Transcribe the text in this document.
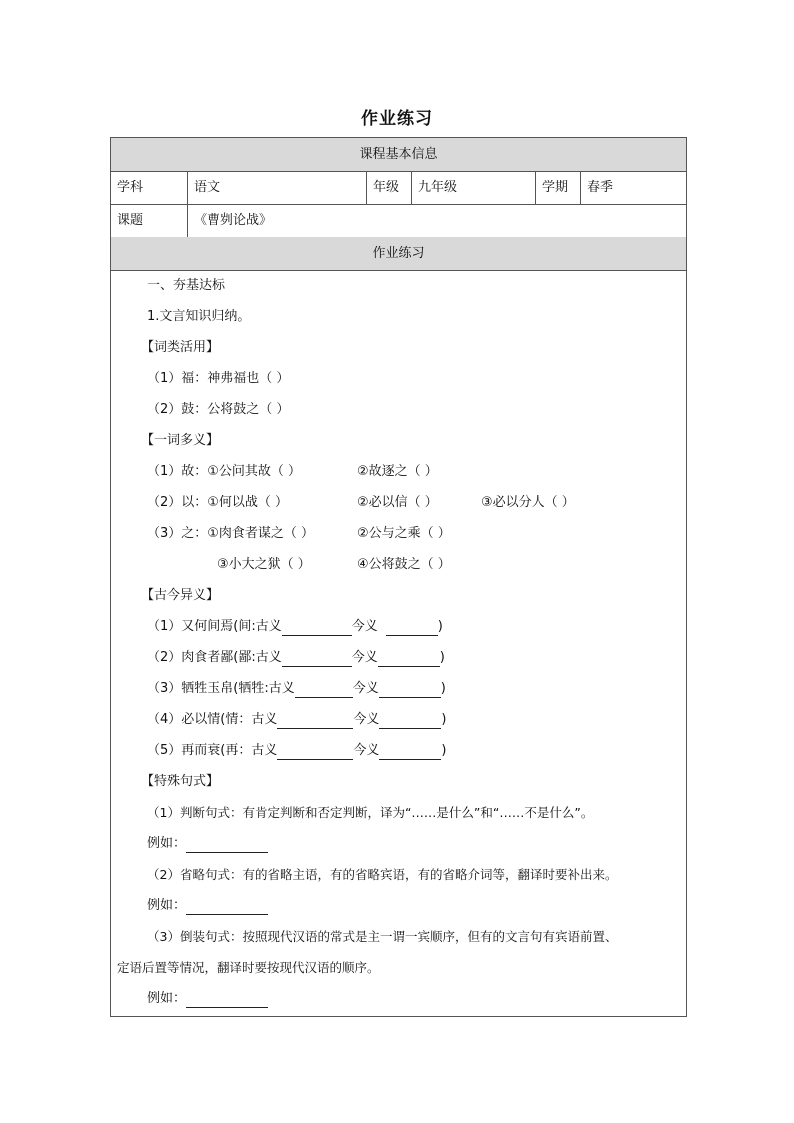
作业练习
课程基本信息
学科	语文	年级	九年级	学期	春季
课题	《曹刿论战》
作业练习
一、夯基达标
1.文言知识归纳。
【词类活用】
（1）福：神弗福也（ ）
（2）鼓：公将鼓之（ ）
【一词多义】
（1）故：①公问其故（ ）	②故逐之（ ）
（2）以：①何以战（ ）	②必以信（ ）	③必以分人（ ）
（3）之：①肉食者谋之（ ）	②公与之乘（ ）
③小大之狱（ ）	④公将鼓之（ ）
【古今异义】
（1）又何间焉(间:古义	今义	)
（2）肉食者鄙(鄙:古义	今义	)
（3）牺牲玉帛(牺牲:古义	今义	)
（4）必以情(情：古义	今义	)
（5）再而衰(再：古义	今义	)
【特殊句式】
（1）判断句式：有肯定判断和否定判断，译为“……是什么”和“……不是什么”。
例如：
（2）省略句式：有的省略主语，有的省略宾语，有的省略介词等，翻译时要补出来。
例如：
（3）倒装句式：按照现代汉语的常式是主一谓一宾顺序，但有的文言句有宾语前置、
定语后置等情况，翻译时要按现代汉语的顺序。
例如：
